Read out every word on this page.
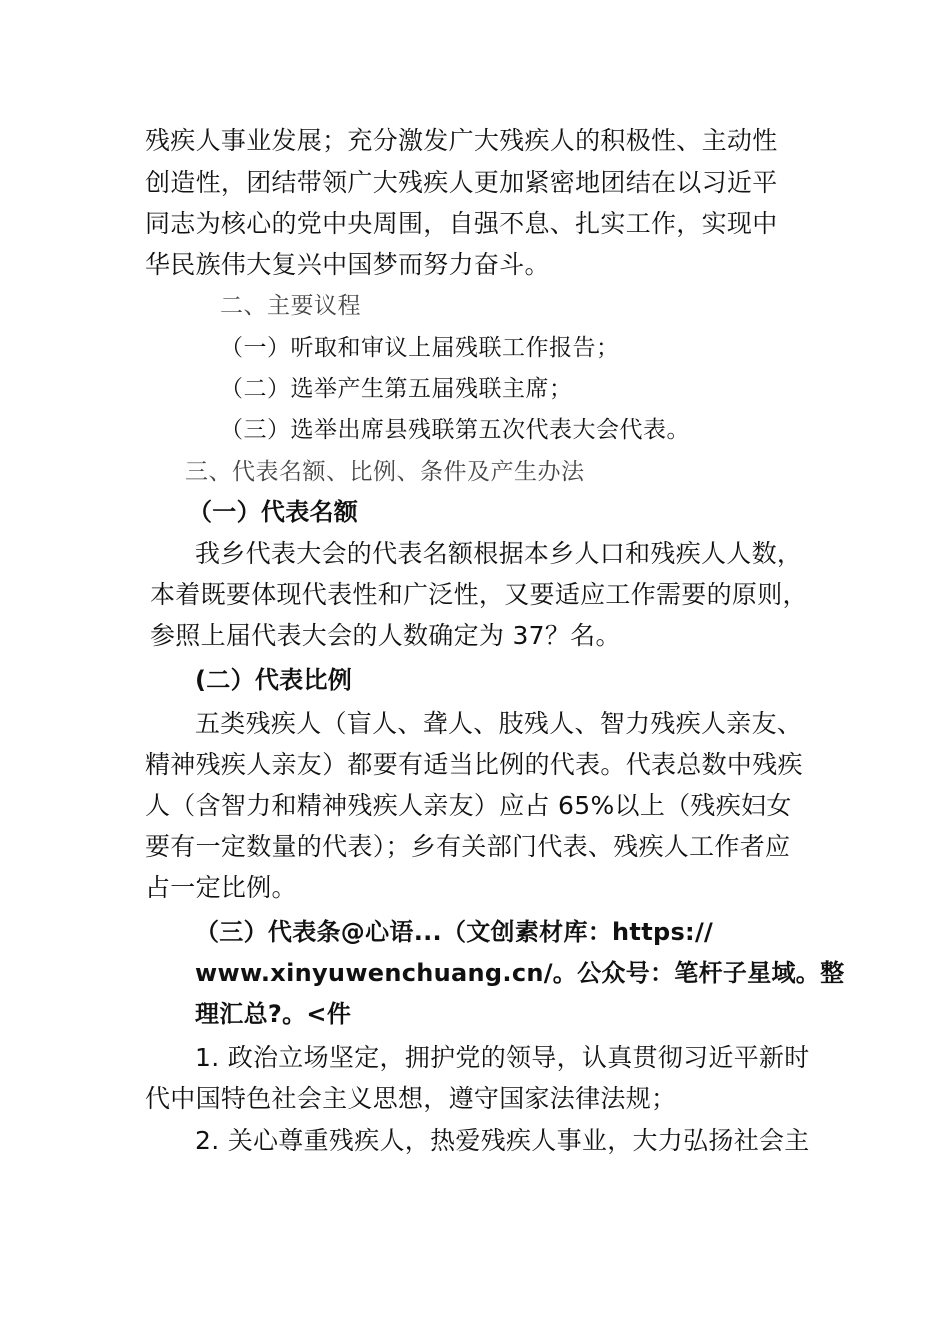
残疾人事业发展；充分激发广大残疾人的积极性、主动性
创造性，团结带领广大残疾人更加紧密地团结在以习近平
同志为核心的党中央周围，自强不息、扎实工作，实现中
华民族伟大复兴中国梦而努力奋斗。
二、主要议程
（一）听取和审议上届残联工作报告；
（二）选举产生第五届残联主席；
（三）选举出席县残联第五次代表大会代表。
三、代表名额、比例、条件及产生办法
（一）代表名额
我乡代表大会的代表名额根据本乡人口和残疾人人数，
本着既要体现代表性和广泛性，又要适应工作需要的原则，
参照上届代表大会的人数确定为 37？名。
(二）代表比例
五类残疾人（盲人、聋人、肢残人、智力残疾人亲友、
精神残疾人亲友）都要有适当比例的代表。代表总数中残疾
人（含智力和精神残疾人亲友）应占 65%以上（残疾妇女
要有一定数量的代表）；乡有关部门代表、残疾人工作者应
占一定比例。
（三）代表条@心语...（文创素材库：https://
www.xinyuwenchuang.cn/。公众号：笔杆子星域。整
理汇总?。<件
1. 政治立场坚定，拥护党的领导，认真贯彻习近平新时
代中国特色社会主义思想，遵守国家法律法规；
2. 关心尊重残疾人，热爱残疾人事业，大力弘扬社会主
